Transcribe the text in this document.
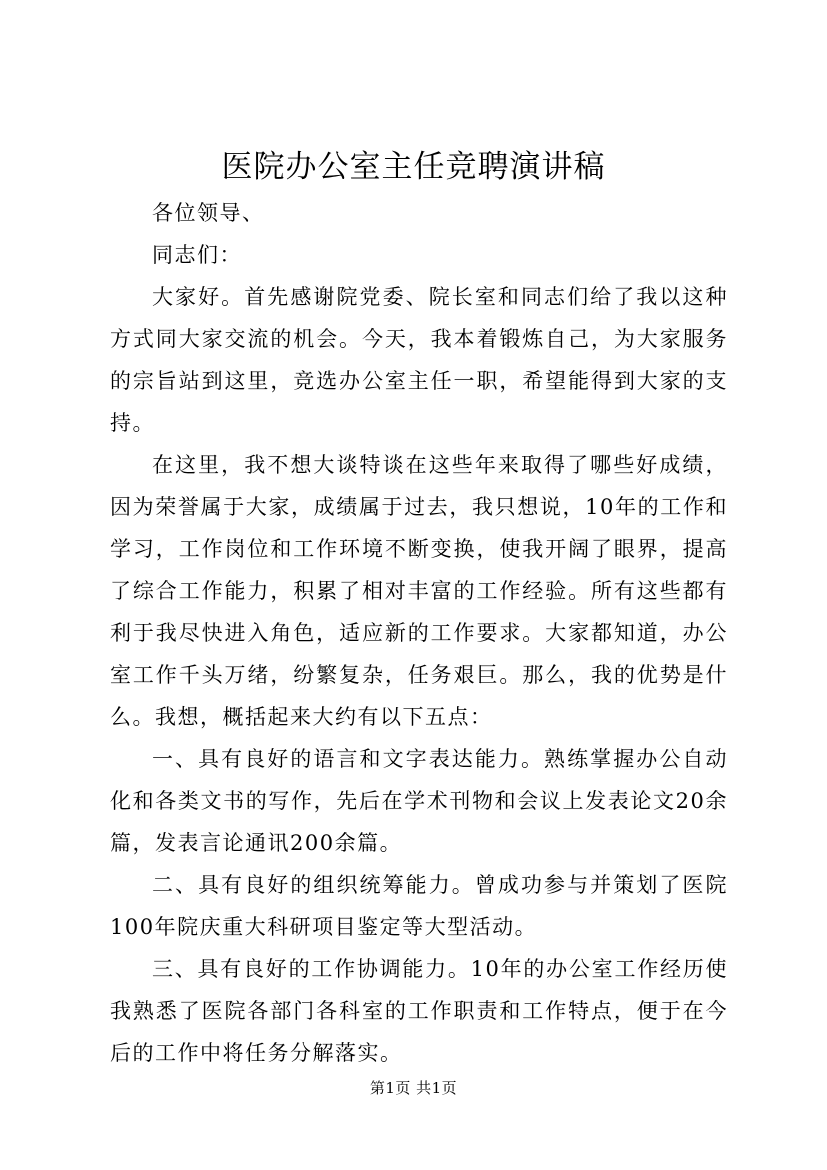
医院办公室主任竞聘演讲稿

各位领导、

同志们：

大家好。首先感谢院党委、院长室和同志们给了我以这种方式同大家交流的机会。今天，我本着锻炼自己，为大家服务的宗旨站到这里，竞选办公室主任一职，希望能得到大家的支持。

在这里，我不想大谈特谈在这些年来取得了哪些好成绩，因为荣誉属于大家，成绩属于过去，我只想说，10年的工作和学习，工作岗位和工作环境不断变换，使我开阔了眼界，提高了综合工作能力，积累了相对丰富的工作经验。所有这些都有利于我尽快进入角色，适应新的工作要求。大家都知道，办公室工作千头万绪，纷繁复杂，任务艰巨。那么，我的优势是什么。我想，概括起来大约有以下五点：

一、具有良好的语言和文字表达能力。熟练掌握办公自动化和各类文书的写作，先后在学术刊物和会议上发表论文20余篇，发表言论通讯200余篇。

二、具有良好的组织统筹能力。曾成功参与并策划了医院100年院庆重大科研项目鉴定等大型活动。

三、具有良好的工作协调能力。10年的办公室工作经历使我熟悉了医院各部门各科室的工作职责和工作特点，便于在今后的工作中将任务分解落实。

第1页 共1页
